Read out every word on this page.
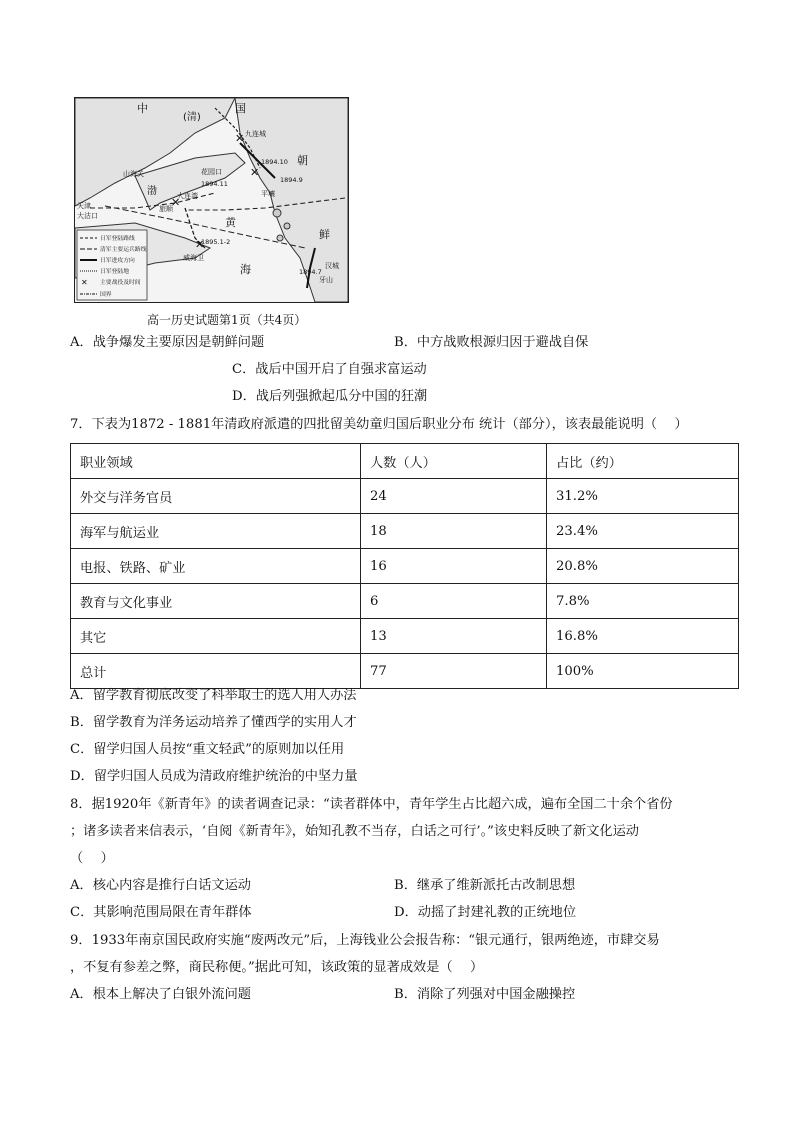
✕
✕
✕
✕
中
(清)
国
朝
鲜
渤
黄
海
山海关
天津
大沽口
旅顺
大连湾
威海卫
九连城
花园口
平壤
汉城
牙山
1894.10
1894.9
1894.11
1895.1-2
1894.7
✕
日军登陆路线
清军主要运兵路线
日军进攻方向
日军登陆地
主要战役及时间
国界
高一历史试题第1页（共4页）
A．战争爆发主要原因是朝鲜问题	B．中方战败根源归因于避战自保
C．战后中国开启了自强求富运动
D．战后列强掀起瓜分中国的狂潮
7．下表为1872 - 1881年清政府派遣的四批留美幼童归国后职业分布 统计（部分），该表最能说明（　 ）
职业领域	人数（人）	占比（约）
外交与洋务官员	24	31.2%
海军与航运业	18	23.4%
电报、铁路、矿业	16	20.8%
教育与文化事业	6	7.8%
其它	13	16.8%
总计	77	100%
A．留学教育彻底改变了科举取士的选人用人办法
B．留学教育为洋务运动培养了懂西学的实用人才
C．留学归国人员按“重文轻武”的原则加以任用
D．留学归国人员成为清政府维护统治的中坚力量
8．据1920年《新青年》的读者调查记录：“读者群体中，青年学生占比超六成，遍布全国二十余个省份
；诸多读者来信表示，‘自阅《新青年》，始知孔教不当存，白话之可行’。”该史料反映了新文化运动
（　 ）
A．核心内容是推行白话文运动	B．继承了维新派托古改制思想
C．其影响范围局限在青年群体	D．动摇了封建礼教的正统地位
9．1933年南京国民政府实施“废两改元”后，上海钱业公会报告称：“银元通行，银两绝迹，市肆交易
，不复有参差之弊，商民称便。”据此可知，该政策的显著成效是（　 ）
A．根本上解决了白银外流问题	B．消除了列强对中国金融操控
